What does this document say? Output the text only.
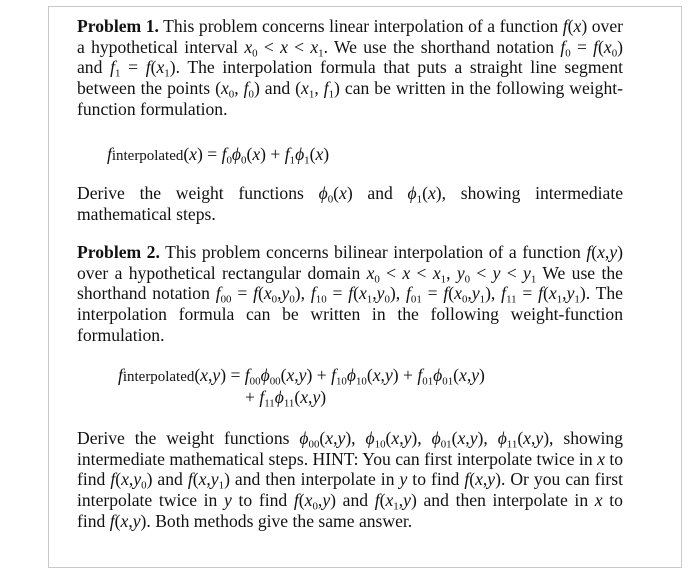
Problem 1. This problem concerns linear interpolation of a function f(x) over a hypothetical interval $x_0 < x < x_1$. We use the shorthand notation $f_0 = f(x_0)$ and $f_1 = f(x_1)$. The interpolation formula that puts a straight line segment between the points ($x_0$, $f_0$) and ($x_1$, $f_1$) can be written in the following weight-function formulation.

finterpolated(x) = $f_0\phi_0(x) + f_1\phi_1(x)$

Derive the weight functions $\phi_0(x)$ and $\phi_1(x)$, showing intermediate mathematical steps.

Problem 2. This problem concerns bilinear interpolation of a function f(x,y) over a hypothetical rectangular domain $x_0 < x < x_1$, $y_0 < y < y_1$ We use the shorthand notation $f_{00} = f(x_0,y_0)$, $f_{10} = f(x_1,y_0)$, $f_{01} = f(x_0,y_1)$, $f_{11} = f(x_1,y_1)$. The interpolation formula can be written in the following weight-function formulation.

finterpolated(x,y) = $f_{00}\phi_{00}(x,y) + f_{10}\phi_{10}(x,y) + f_{01}\phi_{01}(x,y)$
+ $f_{11}\phi_{11}(x,y)$

Derive the weight functions $\phi_{00}(x,y)$, $\phi_{10}(x,y)$, $\phi_{01}(x,y)$, $\phi_{11}(x,y)$, showing intermediate mathematical steps. HINT: You can first interpolate twice in x to find $f(x,y_0)$ and $f(x,y_1)$ and then interpolate in y to find f(x,y). Or you can first interpolate twice in y to find $f(x_0,y)$ and $f(x_1,y)$ and then interpolate in x to find f(x,y). Both methods give the same answer.
